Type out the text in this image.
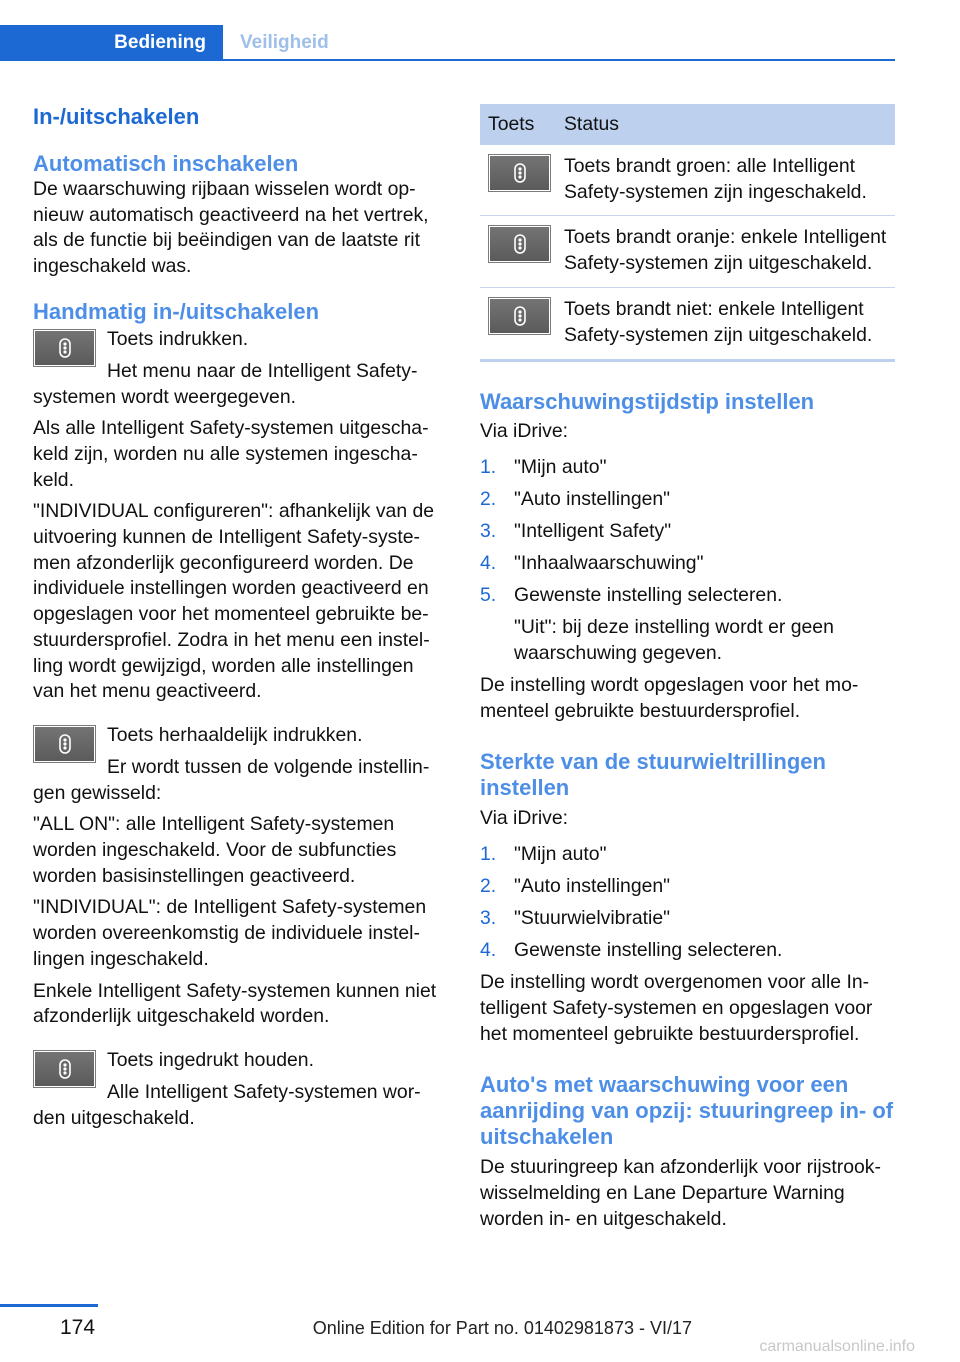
Bediening	Veiligheid
In-/uitschakelen
Automatisch inschakelen

De waarschuwing rijbaan wisselen wordt opnieuw automatisch geactiveerd na het vertrek, als de functie bij beëindigen van de laatste rit ingeschakeld was.

Handmatig in-/uitschakelen

Toets indrukken.

Het menu naar de Intelligent Safety-systemen wordt weergegeven.

Als alle Intelligent Safety-systemen uitgeschakeld zijn, worden nu alle systemen ingeschakeld.

"INDIVIDUAL configureren": afhankelijk van de uitvoering kunnen de Intelligent Safety-systemen afzonderlijk geconfigureerd worden. De individuele instellingen worden geactiveerd en opgeslagen voor het momenteel gebruikte bestuurdersprofiel. Zodra in het menu een instelling wordt gewijzigd, worden alle instellingen van het menu geactiveerd.

Toets herhaaldelijk indrukken.

Er wordt tussen de volgende instellingen gewisseld:

"ALL ON": alle Intelligent Safety-systemen worden ingeschakeld. Voor de subfuncties worden basisinstellingen geactiveerd.

"INDIVIDUAL": de Intelligent Safety-systemen worden overeenkomstig de individuele instellingen ingeschakeld.

Enkele Intelligent Safety-systemen kunnen niet afzonderlijk uitgeschakeld worden.

Toets ingedrukt houden.

Alle Intelligent Safety-systemen worden uitgeschakeld.

Toets	Status

	Toets brandt groen: alle Intelligent Safety-systemen zijn ingeschakeld.

	Toets brandt oranje: enkele Intelligent Safety-systemen zijn uitgeschakeld.

	Toets brandt niet: enkele Intelligent Safety-systemen zijn uitgeschakeld.
Waarschuwingstijdstip instellen

Via iDrive:

1. "Mijn auto"
2. "Auto instellingen"
3. "Intelligent Safety"
4. "Inhaalwaarschuwing"
5. Gewenste instelling selecteren.
"Uit": bij deze instelling wordt er geen waarschuwing gegeven.

De instelling wordt opgeslagen voor het momenteel gebruikte bestuurdersprofiel.

Sterkte van de stuurwieltrillingen instellen

Via iDrive:

1. "Mijn auto"
2. "Auto instellingen"
3. "Stuurwielvibratie"
4. Gewenste instelling selecteren.

De instelling wordt overgenomen voor alle Intelligent Safety-systemen en opgeslagen voor het momenteel gebruikte bestuurdersprofiel.

Auto's met waarschuwing voor een aanrijding van opzij: stuuringreep in- of uitschakelen

De stuuringreep kan afzonderlijk voor rijstrookwisselmelding en Lane Departure Warning worden in- en uitgeschakeld.

174	Online Edition for Part no. 01402981873 - VI/17
carmanualsonline.info
